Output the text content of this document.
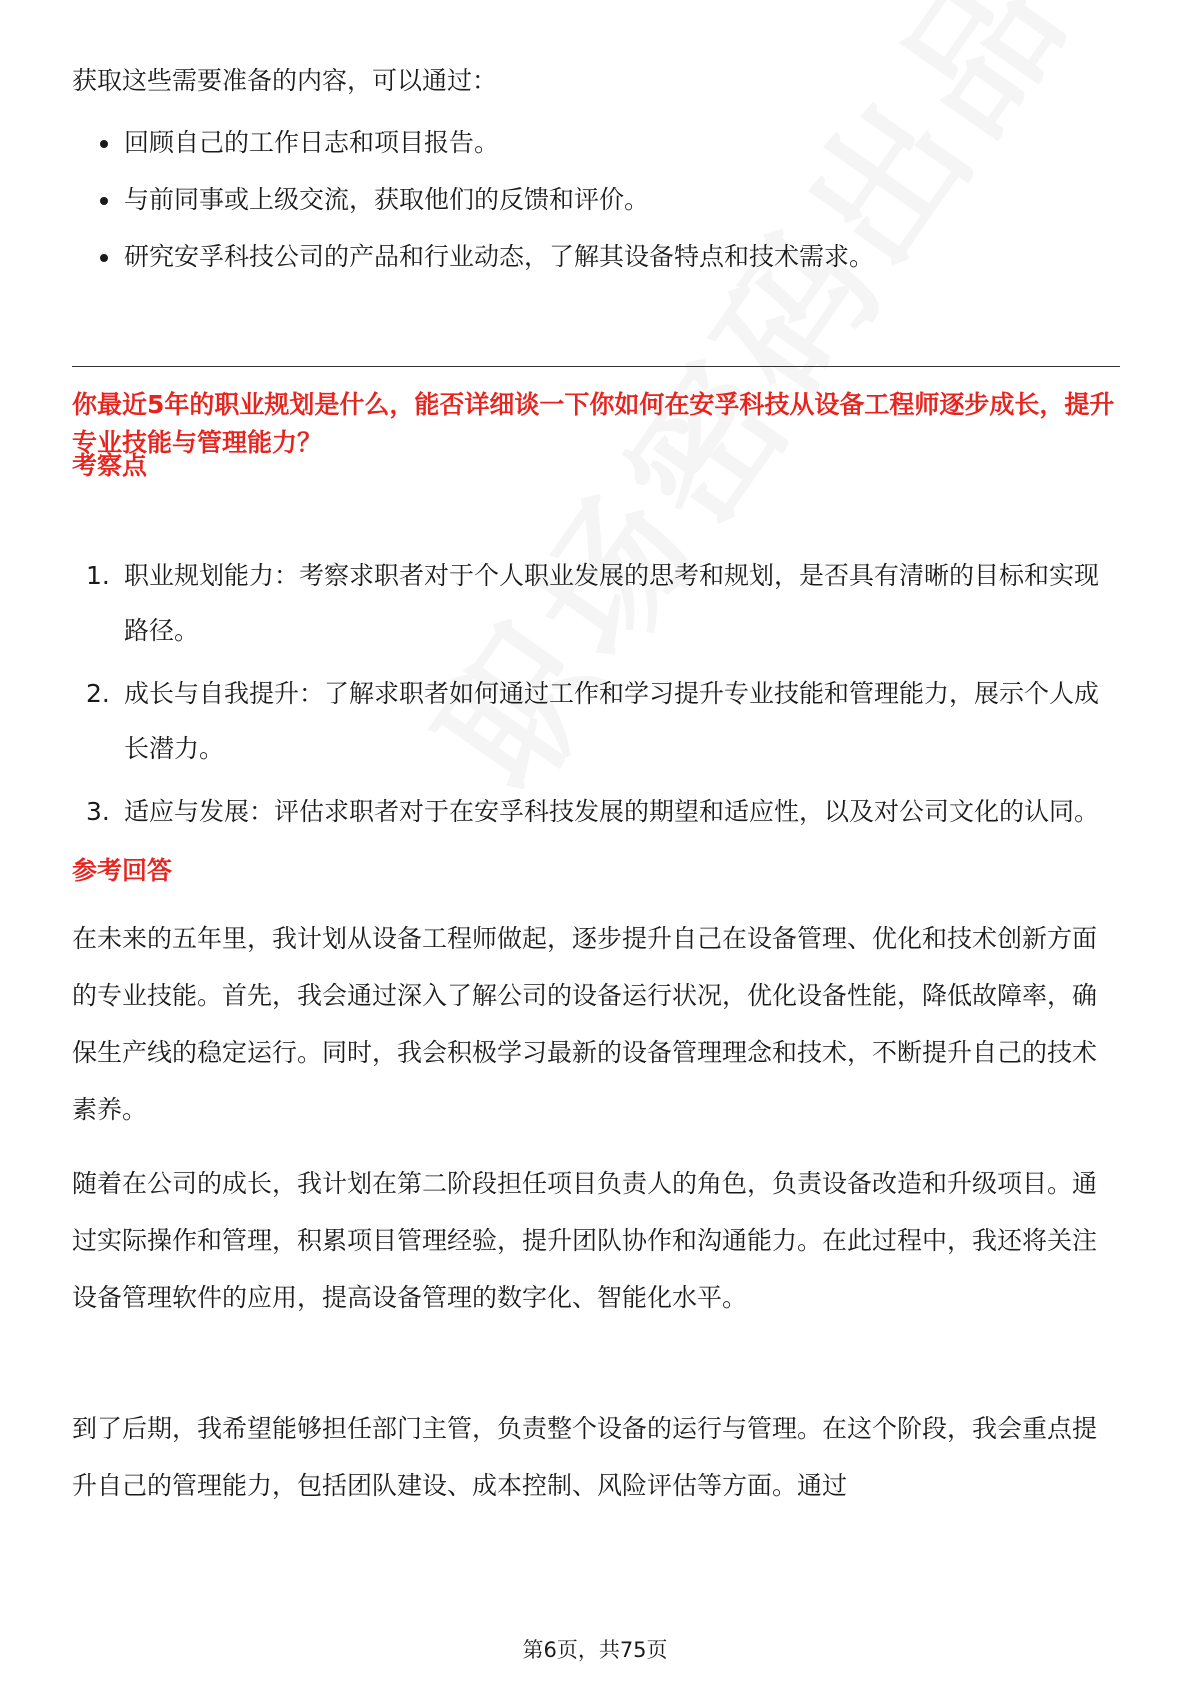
获取这些需要准备的内容，可以通过：

回顾自己的工作日志和项目报告。
与前同事或上级交流，获取他们的反馈和评价。
研究安孚科技公司的产品和行业动态，了解其设备特点和技术需求。
你最近5年的职业规划是什么，能否详细谈一下你如何在安孚科技从设备工程师逐步成长，提升专业技能与管理能力？
考察点
1. 职业规划能力：考察求职者对于个人职业发展的思考和规划，是否具有清晰的目标和实现路径。
2. 成长与自我提升：了解求职者如何通过工作和学习提升专业技能和管理能力，展示个人成长潜力。
3. 适应与发展：评估求职者对于在安孚科技发展的期望和适应性，以及对公司文化的认同。
参考回答

在未来的五年里，我计划从设备工程师做起，逐步提升自己在设备管理、优化和技术创新方面的专业技能。首先，我会通过深入了解公司的设备运行状况，优化设备性能，降低故障率，确保生产线的稳定运行。同时，我会积极学习最新的设备管理理念和技术，不断提升自己的技术素养。

随着在公司的成长，我计划在第二阶段担任项目负责人的角色，负责设备改造和升级项目。通过实际操作和管理，积累项目管理经验，提升团队协作和沟通能力。在此过程中，我还将关注设备管理软件的应用，提高设备管理的数字化、智能化水平。

到了后期，我希望能够担任部门主管，负责整个设备的运行与管理。在这个阶段，我会重点提升自己的管理能力，包括团队建设、成本控制、风险评估等方面。通过

第6页，共75页
